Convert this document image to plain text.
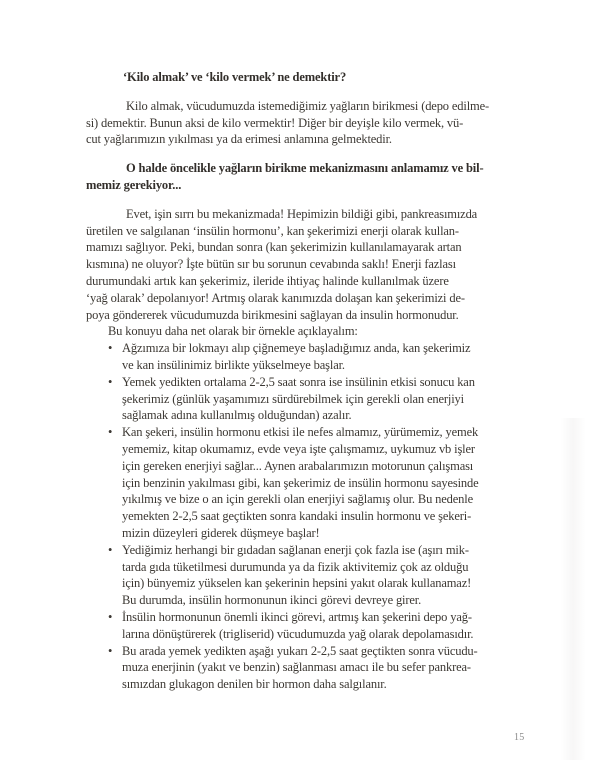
‘Kilo almak’ ve ‘kilo vermek’ ne demektir?
Kilo almak, vücudumuzda istemediğimiz yağların birikmesi (depo edilme-
si) demektir. Bunun aksi de kilo vermektir! Diğer bir deyişle kilo vermek, vü-
cut yağlarımızın yıkılması ya da erimesi anlamına gelmektedir.
O halde öncelikle yağların birikme mekanizmasını anlamamız ve bil-
memiz gerekiyor...
Evet, işin sırrı bu mekanizmada! Hepimizin bildiği gibi, pankreasımızda
üretilen ve salgılanan ‘insülin hormonu’, kan şekerimizi enerji olarak kullan-
mamızı sağlıyor. Peki, bundan sonra (kan şekerimizin kullanılamayarak artan
kısmına) ne oluyor? İşte bütün sır bu sorunun cevabında saklı! Enerji fazlası
durumundaki artık kan şekerimiz, ileride ihtiyaç halinde kullanılmak üzere
‘yağ olarak’ depolanıyor! Artmış olarak kanımızda dolaşan kan şekerimizi de-
poya göndererek vücudumuzda birikmesini sağlayan da insulin hormonudur.
Bu konuyu daha net olarak bir örnekle açıklayalım:
• Ağzımıza bir lokmayı alıp çiğnemeye başladığımız anda, kan şekerimiz
ve kan insülinimiz birlikte yükselmeye başlar.
• Yemek yedikten ortalama 2-2,5 saat sonra ise insülinin etkisi sonucu kan
şekerimiz (günlük yaşamımızı sürdürebilmek için gerekli olan enerjiyi
sağlamak adına kullanılmış olduğundan) azalır.
• Kan şekeri, insülin hormonu etkisi ile nefes almamız, yürümemiz, yemek
yememiz, kitap okumamız, evde veya işte çalışmamız, uykumuz vb işler
için gereken enerjiyi sağlar... Aynen arabalarımızın motorunun çalışması
için benzinin yakılması gibi, kan şekerimiz de insülin hormonu sayesinde
yıkılmış ve bize o an için gerekli olan enerjiyi sağlamış olur. Bu nedenle
yemekten 2-2,5 saat geçtikten sonra kandaki insulin hormonu ve şekeri-
mizin düzeyleri giderek düşmeye başlar!
• Yediğimiz herhangi bir gıdadan sağlanan enerji çok fazla ise (aşırı mik-
tarda gıda tüketilmesi durumunda ya da fizik aktivitemiz çok az olduğu
için) bünyemiz yükselen kan şekerinin hepsini yakıt olarak kullanamaz!
Bu durumda, insülin hormonunun ikinci görevi devreye girer.
• İnsülin hormonunun önemli ikinci görevi, artmış kan şekerini depo yağ-
larına dönüştürerek (trigliserid) vücudumuzda yağ olarak depolamasıdır.
• Bu arada yemek yedikten aşağı yukarı 2-2,5 saat geçtikten sonra vücudu-
muza enerjinin (yakıt ve benzin) sağlanması amacı ile bu sefer pankrea-
sımızdan glukagon denilen bir hormon daha salgılanır.
15
